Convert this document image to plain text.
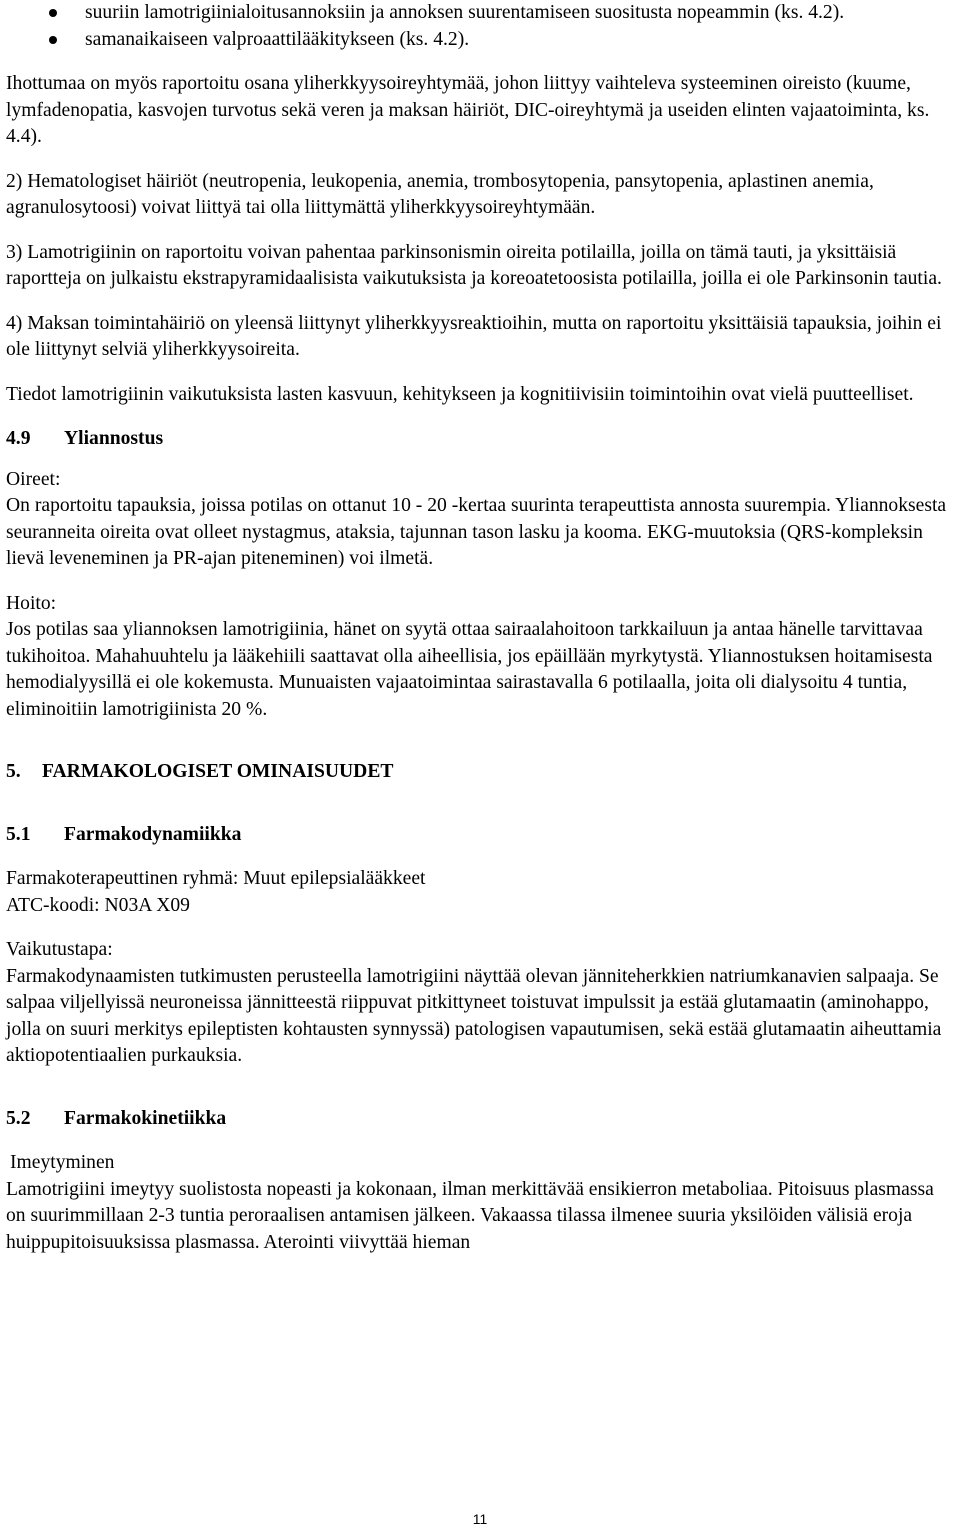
suuriin lamotrigiinialoitusannoksiin ja annoksen suurentamiseen suositusta nopeammin (ks. 4.2).
samanaikaiseen valproaattilääkitykseen (ks. 4.2).

Ihottumaa on myös raportoitu osana yliherkkyysoireyhtymää, johon liittyy vaihteleva systeeminen oireisto (kuume, lymfadenopatia, kasvojen turvotus sekä veren ja maksan häiriöt, DIC-oireyhtymä ja useiden elinten vajaatoiminta, ks. 4.4).

2) Hematologiset häiriöt (neutropenia, leukopenia, anemia, trombosytopenia, pansytopenia, aplastinen anemia, agranulosytoosi) voivat liittyä tai olla liittymättä yliherkkyysoireyhtymään.

3) Lamotrigiinin on raportoitu voivan pahentaa parkinsonismin oireita potilailla, joilla on tämä tauti, ja yksittäisiä raportteja on julkaistu ekstrapyramidaalisista vaikutuksista ja koreoatetoosista potilailla, joilla ei ole Parkinsonin tautia.

4) Maksan toimintahäiriö on yleensä liittynyt yliherkkyysreaktioihin, mutta on raportoitu yksittäisiä tapauksia, joihin ei ole liittynyt selviä yliherkkyysoireita.

Tiedot lamotrigiinin vaikutuksista lasten kasvuun, kehitykseen ja kognitiivisiin toimintoihin ovat vielä puutteelliset.

4.9 Yliannostus

Oireet:

On raportoitu tapauksia, joissa potilas on ottanut 10 - 20 -kertaa suurinta terapeuttista annosta suurempia. Yliannoksesta seuranneita oireita ovat olleet nystagmus, ataksia, tajunnan tason lasku ja kooma. EKG-muutoksia (QRS-kompleksin lievä leveneminen ja PR-ajan piteneminen) voi ilmetä.

Hoito:

Jos potilas saa yliannoksen lamotrigiinia, hänet on syytä ottaa sairaalahoitoon tarkkailuun ja antaa hänelle tarvittavaa tukihoitoa. Mahahuuhtelu ja lääkehiili saattavat olla aiheellisia, jos epäillään myrkytystä. Yliannostuksen hoitamisesta hemodialyysillä ei ole kokemusta. Munuaisten vajaatoimintaa sairastavalla 6 potilaalla, joita oli dialysoitu 4 tuntia, eliminoitiin lamotrigiinista 20 %.

5. FARMAKOLOGISET OMINAISUUDET

5.1 Farmakodynamiikka

Farmakoterapeuttinen ryhmä: Muut epilepsialääkkeet

ATC-koodi: N03A X09

Vaikutustapa:

Farmakodynaamisten tutkimusten perusteella lamotrigiini näyttää olevan jänniteherkkien natriumkanavien salpaaja. Se salpaa viljellyissä neuroneissa jännitteestä riippuvat pitkittyneet toistuvat impulssit ja estää glutamaatin (aminohappo, jolla on suuri merkitys epileptisten kohtausten synnyssä) patologisen vapautumisen, sekä estää glutamaatin aiheuttamia aktiopotentiaalien purkauksia.

5.2 Farmakokinetiikka

Imeytyminen

Lamotrigiini imeytyy suolistosta nopeasti ja kokonaan, ilman merkittävää ensikierron metaboliaa. Pitoisuus plasmassa on suurimmillaan 2-3 tuntia peroraalisen antamisen jälkeen. Vakaassa tilassa ilmenee suuria yksilöiden välisiä eroja huippupitoisuuksissa plasmassa. Aterointi viivyttää hieman

11
